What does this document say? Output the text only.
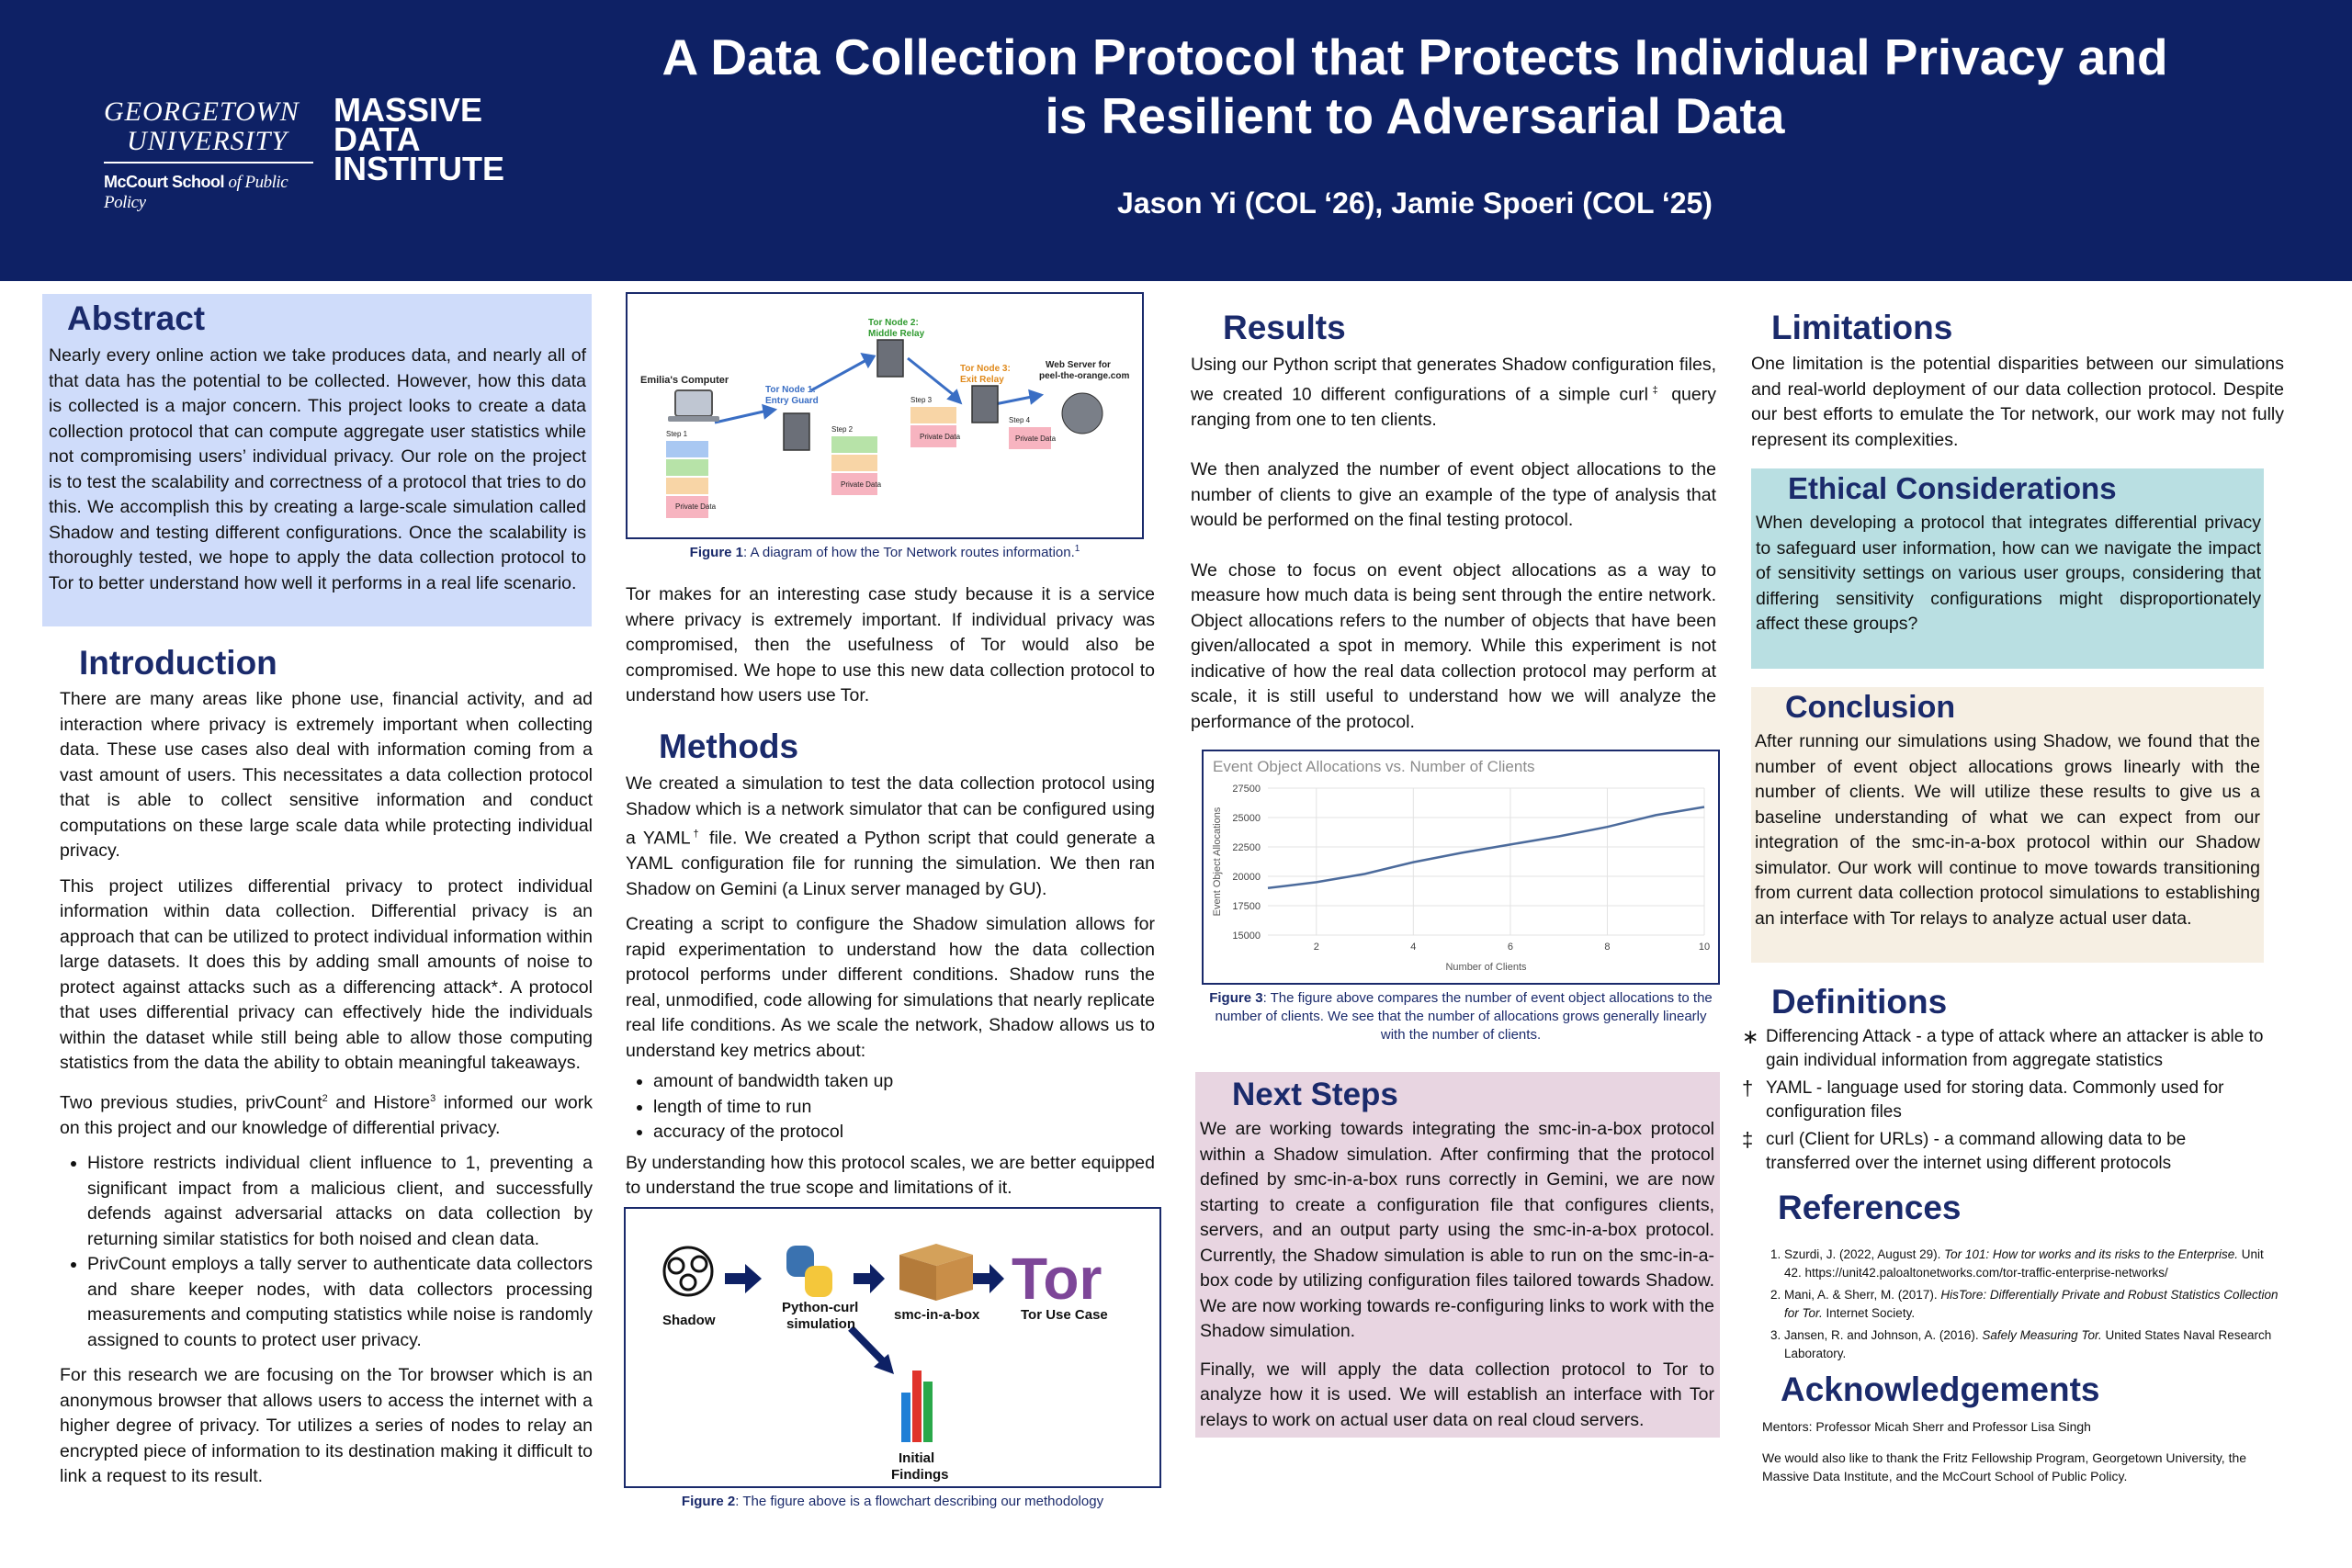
GEORGETOWN
UNIVERSITY
McCourt School of Public Policy
MASSIVE
DATA
INSTITUTE
A Data Collection Protocol that Protects Individual Privacy and
is Resilient to Adversarial Data
Jason Yi (COL ‘26), Jamie Spoeri (COL ‘25)
Abstract
Nearly every online action we take produces data, and nearly all of that data has the potential to be collected. However, how this data is collected is a major concern. This project looks to create a data collection protocol that can compute aggregate user statistics while not compromising users’ individual privacy. Our role on the project is to test the scalability and correctness of a protocol that tries to do this. We accomplish this by creating a large-scale simulation called Shadow and testing different configurations. Once the scalability is thoroughly tested, we hope to apply the data collection protocol to Tor to better understand how well it performs in a real life scenario.
Introduction

There are many areas like phone use, financial activity, and ad interaction where privacy is extremely important when collecting data. These use cases also deal with information coming from a vast amount of users. This necessitates a data collection protocol that is able to collect sensitive information and conduct computations on these large scale data while protecting individual privacy.

This project utilizes differential privacy to protect individual information within data collection. Differential privacy is an approach that can be utilized to protect individual information within large datasets. It does this by adding small amounts of noise to protect against attacks such as a differencing attack*. A protocol that uses differential privacy can effectively hide the individuals within the dataset while still being able to allow those computing statistics from the data the ability to obtain meaningful takeaways.

Two previous studies, privCount$^2$ and Histore$^3$ informed our work on this project and our knowledge of differential privacy.

• Histore restricts individual client influence to 1, preventing a significant impact from a malicious client, and successfully defends against adversarial attacks on data collection by returning similar statistics for both noised and clean data.
• PrivCount employs a tally server to authenticate data collectors and share keeper nodes, with data collectors processing measurements and computing statistics while noise is randomly assigned to counts to protect user privacy.

For this research we are focusing on the Tor browser which is an anonymous browser that allows users to access the internet with a higher degree of privacy. Tor utilizes a series of nodes to relay an encrypted piece of information to its destination making it difficult to link a request to its result.

Emilia's Computer
Tor Node 1:
Entry Guard
Tor Node 2:
Middle Relay
Tor Node 3:
Exit Relay
Web Server for
peel-the-orange.com
Step 1
Private Data
Step 2
Private Data
Step 3
Private Data
Step 4
Private Data
Figure 1: A diagram of how the Tor Network routes information.$^1$
Tor makes for an interesting case study because it is a service where privacy is extremely important. If individual privacy was compromised, then the usefulness of Tor would also be compromised. We hope to use this new data collection protocol to understand how users use Tor.
Methods

We created a simulation to test the data collection protocol using Shadow which is a network simulator that can be configured using a YAML† file. We created a Python script that could generate a YAML configuration file for running the simulation. We then ran Shadow on Gemini (a Linux server managed by GU).

Creating a script to configure the Shadow simulation allows for rapid experimentation to understand how the data collection protocol performs under different conditions. Shadow runs the real, unmodified, code allowing for simulations that nearly replicate real life conditions. As we scale the network, Shadow allows us to understand key metrics about:

• amount of bandwidth taken up
• length of time to run
• accuracy of the protocol

By understanding how this protocol scales, we are better equipped to understand the true scope and limitations of it.

Shadow
Python-curl
simulation
smc-in-a-box
Tor
Tor Use Case
Initial
Findings
Figure 2: The figure above is a flowchart describing our methodology
Results

Using our Python script that generates Shadow configuration files, we created 10 different configurations of a simple curl‡ query ranging from one to ten clients.

We then analyzed the number of event object allocations to the number of clients to give an example of the type of analysis that would be performed on the final testing protocol.

We chose to focus on event object allocations as a way to measure how much data is being sent through the entire network. Object allocations refers to the number of objects that have been given/allocated a spot in memory. While this experiment is not indicative of how the real data collection protocol may perform at scale, it is still useful to understand how we will analyze the performance of the protocol.

Event Object Allocations vs. Number of Clients
Event Object Allocations
Number of Clients
15000
17500
20000
22500
25000
27500
2	4	6	8	10
Figure 3: The figure above compares the number of event object allocations to the number of clients. We see that the number of allocations grows generally linearly with the number of clients.
Next Steps

We are working towards integrating the smc-in-a-box protocol within a Shadow simulation. After confirming that the protocol defined by smc-in-a-box runs correctly in Gemini, we are now starting to create a configuration file that configures clients, servers, and an output party using the smc-in-a-box protocol. Currently, the Shadow simulation is able to run on the smc-in-a-box code by utilizing configuration files tailored towards Shadow. We are now working towards re-configuring links to work with the Shadow simulation.

Finally, we will apply the data collection protocol to Tor to analyze how it is used. We will establish an interface with Tor relays to work on actual user data on real cloud servers.

Limitations
One limitation is the potential disparities between our simulations and real-world deployment of our data collection protocol. Despite our best efforts to emulate the Tor network, our work may not fully represent its complexities.
Ethical Considerations
When developing a protocol that integrates differential privacy to safeguard user information, how can we navigate the impact of sensitivity settings on various user groups, considering that differing sensitivity configurations might disproportionately affect these groups?
Conclusion
After running our simulations using Shadow, we found that the number of event object allocations grows linearly with the number of clients. We will utilize these results to give us a baseline understanding of what we can expect from our integration of the smc-in-a-box protocol within our Shadow simulator. Our work will continue to move towards transitioning from current data collection protocol simulations to establishing an interface with Tor relays to analyze actual user data.
Definitions
∗ Differencing Attack - a type of attack where an attacker is able to gain individual information from aggregate statistics
† YAML - language used for storing data. Commonly used for configuration files
‡ curl (Client for URLs) - a command allowing data to be transferred over the internet using different protocols
References
1. Szurdi, J. (2022, August 29). Tor 101: How tor works and its risks to the Enterprise. Unit 42. https://unit42.paloaltonetworks.com/tor-traffic-enterprise-networks/
2. Mani, A. & Sherr, M. (2017). HisTore: Differentially Private and Robust Statistics Collection for Tor. Internet Society.
3. Jansen, R. and Johnson, A. (2016). Safely Measuring Tor. United States Naval Research Laboratory.
Acknowledgements
Mentors: Professor Micah Sherr and Professor Lisa Singh
We would also like to thank the Fritz Fellowship Program, Georgetown University, the Massive Data Institute, and the McCourt School of Public Policy.
